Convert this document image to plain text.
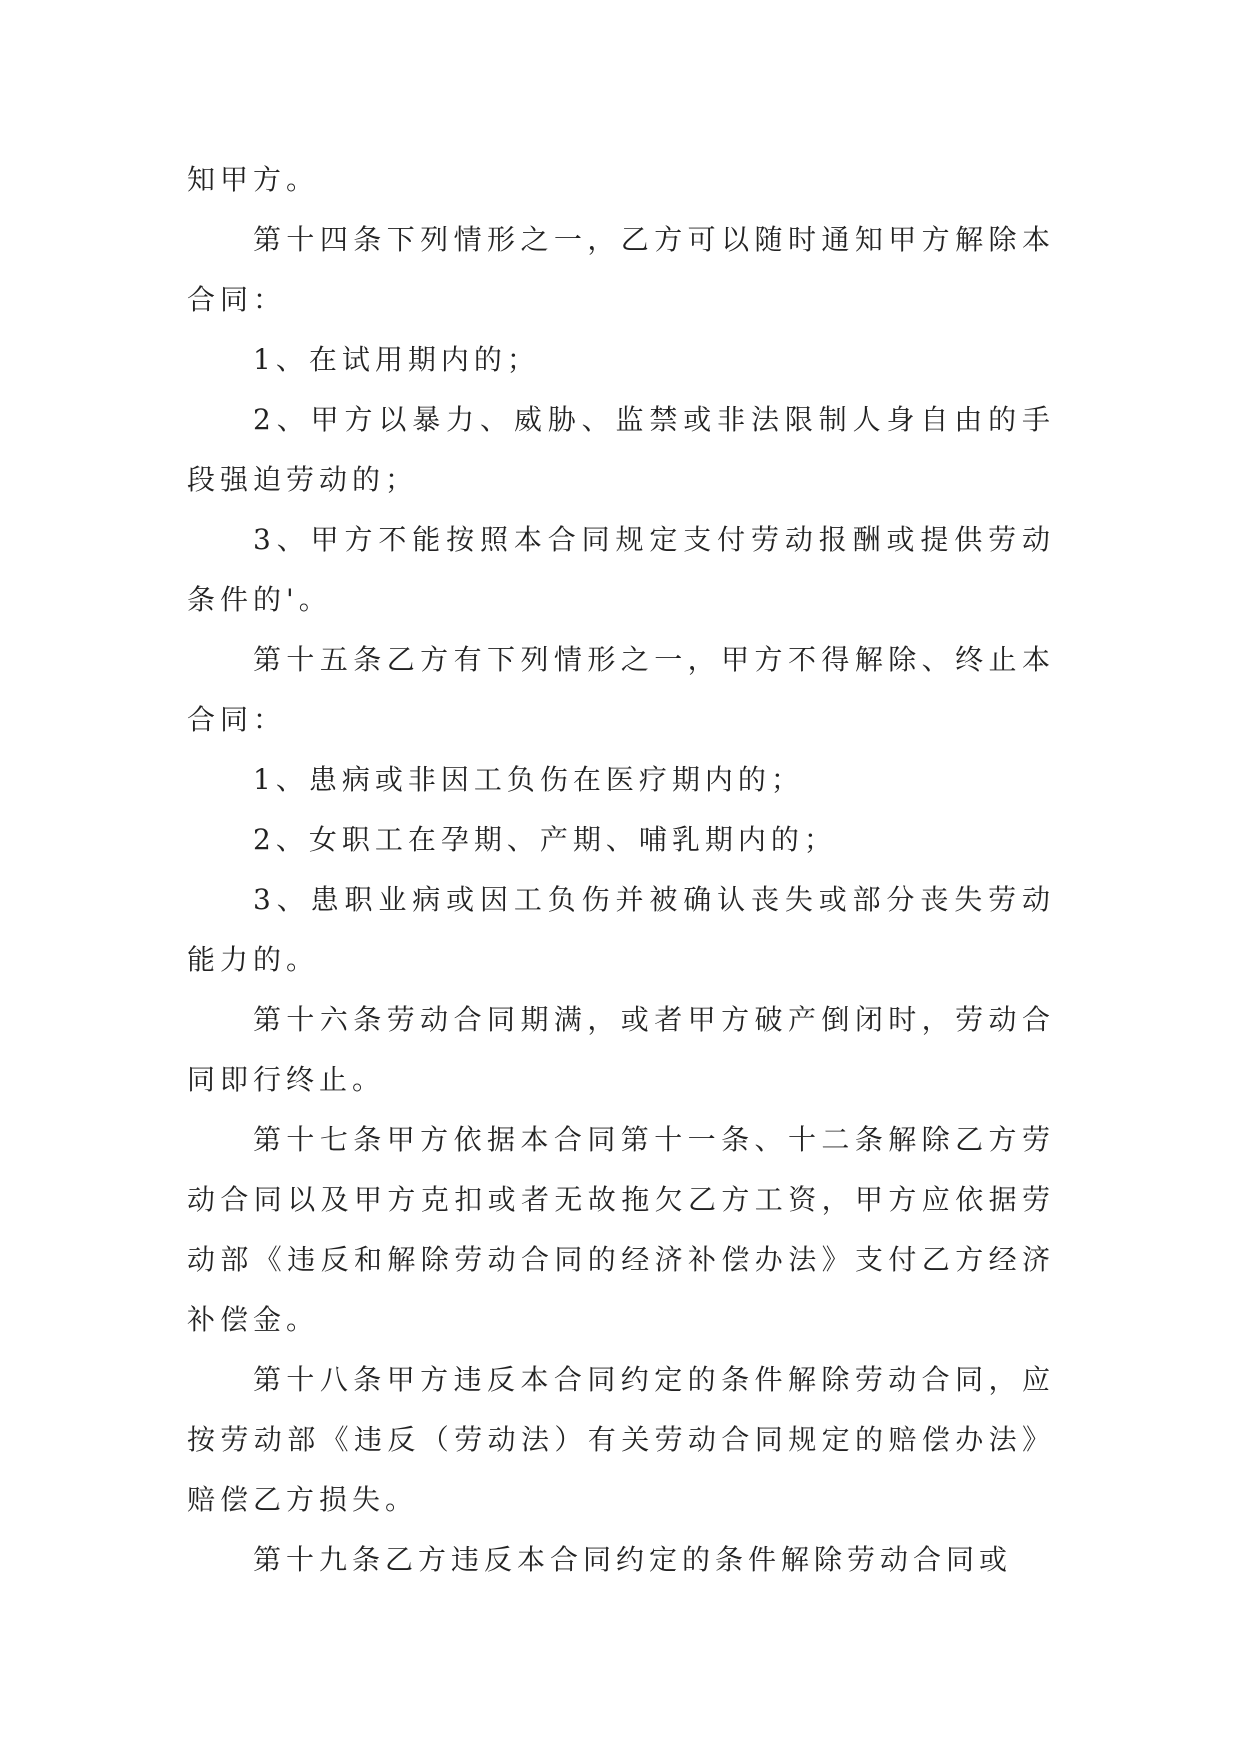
知甲方。

第十四条下列情形之一，乙方可以随时通知甲方解除本合同：

1、在试用期内的；

2、甲方以暴力、威胁、监禁或非法限制人身自由的手段强迫劳动的；

3、甲方不能按照本合同规定支付劳动报酬或提供劳动条件的'。

第十五条乙方有下列情形之一，甲方不得解除、终止本合同：

1、患病或非因工负伤在医疗期内的；

2、女职工在孕期、产期、哺乳期内的；

3、患职业病或因工负伤并被确认丧失或部分丧失劳动能力的。

第十六条劳动合同期满，或者甲方破产倒闭时，劳动合同即行终止。

第十七条甲方依据本合同第十一条、十二条解除乙方劳动合同以及甲方克扣或者无故拖欠乙方工资，甲方应依据劳动部《违反和解除劳动合同的经济补偿办法》支付乙方经济补偿金。

第十八条甲方违反本合同约定的条件解除劳动合同，应按劳动部《违反（劳动法）有关劳动合同规定的赔偿办法》赔偿乙方损失。

第十九条乙方违反本合同约定的条件解除劳动合同或
